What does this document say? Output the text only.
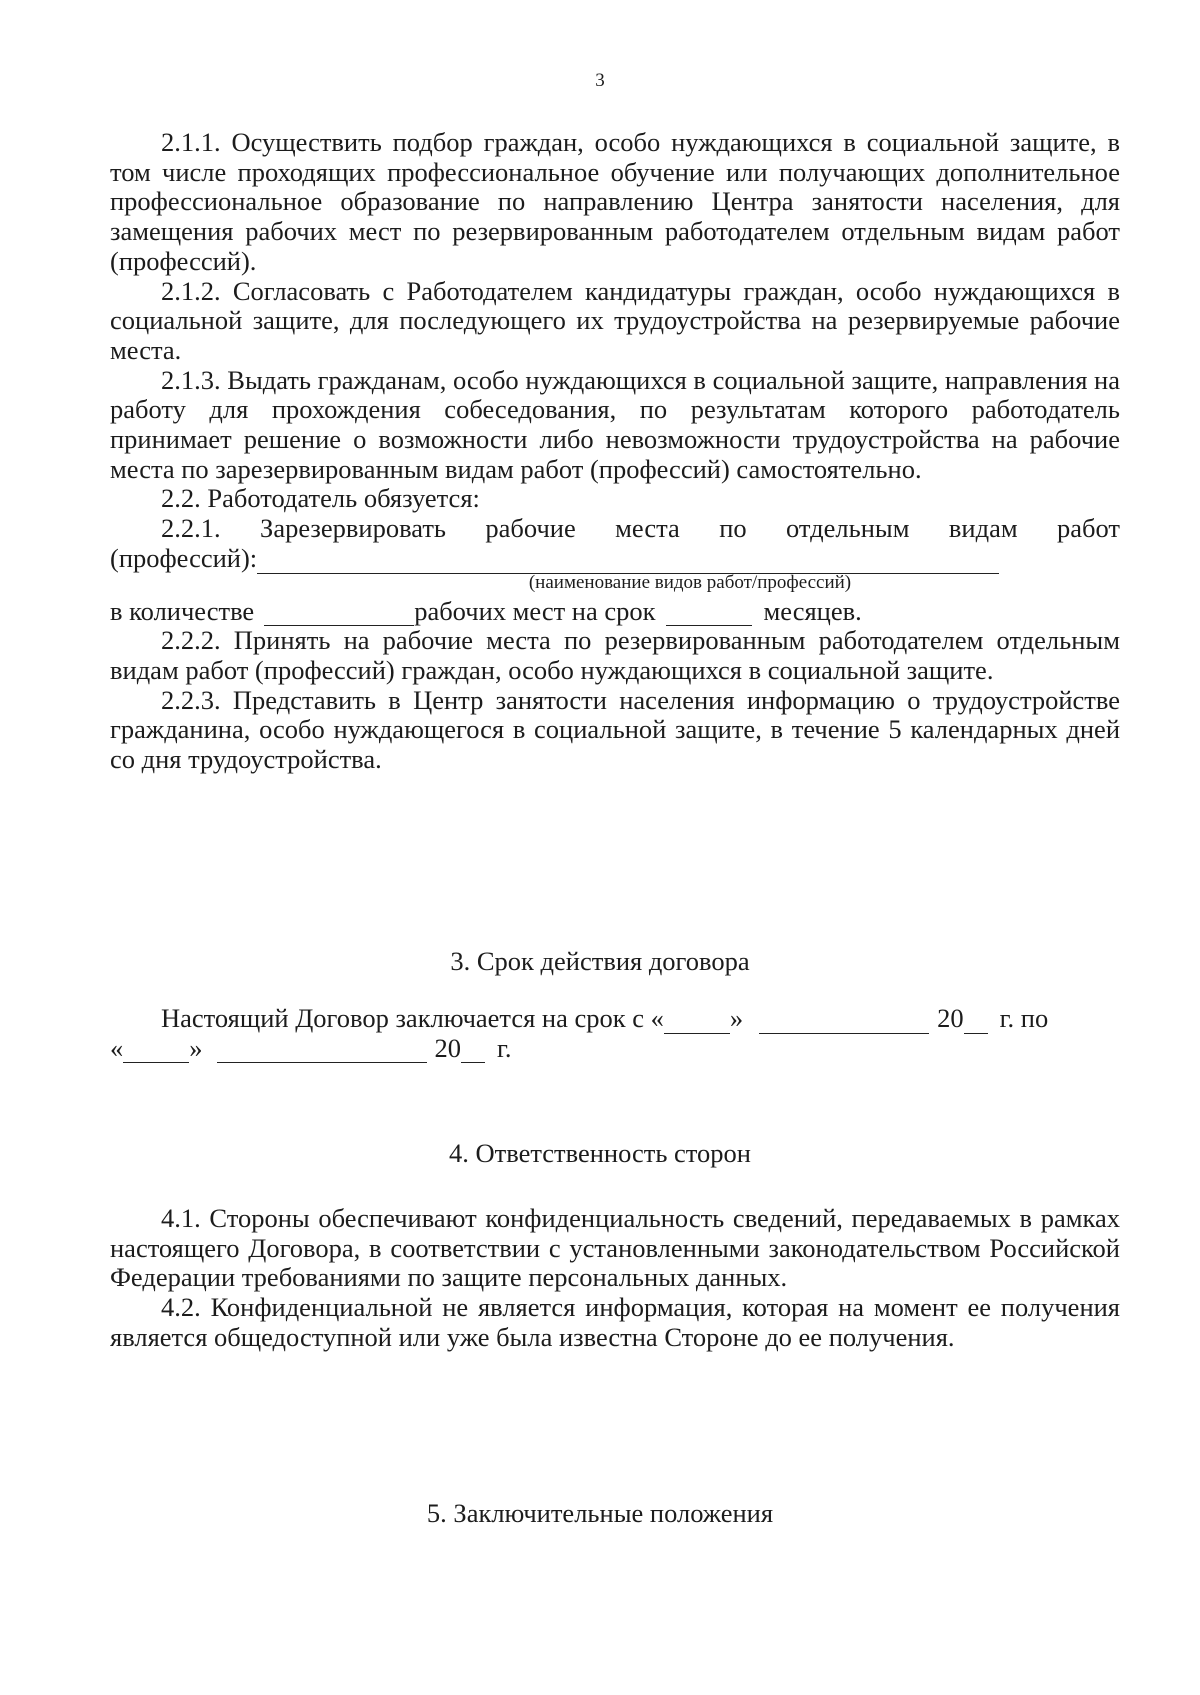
3

2.1.1. Осуществить подбор граждан, особо нуждающихся в социальной защите, в том числе проходящих профессиональное обучение или получающих дополнительное профессиональное образование по направлению Центра занятости населения, для замещения рабочих мест по резервированным работодателем отдельным видам работ (профессий).

2.1.2. Согласовать с Работодателем кандидатуры граждан, особо нуждающихся в социальной защите, для последующего их трудоустройства на резервируемые рабочие места.

2.1.3. Выдать гражданам, особо нуждающихся в социальной защите, направления на работу для прохождения собеседования, по результатам которого работодатель принимает решение о возможности либо невозможности трудоустройства на рабочие места по зарезервированным видам работ (профессий) самостоятельно.

2.2. Работодатель обязуется:

2.2.1. Зарезервировать рабочие места по отдельным видам работ

(профессий):
(наименование видов работ/профессий)
в количестве	рабочих мест на срок	месяцев.

2.2.2. Принять на рабочие места по резервированным работодателем отдельным видам работ (профессий) граждан, особо нуждающихся в социальной защите.

2.2.3. Представить в Центр занятости населения информацию о трудоустройстве гражданина, особо нуждающегося в социальной защите, в течение 5 календарных дней со дня трудоустройства.

3. Срок действия договора
Настоящий Договор заключается на срок с « »	20 г. по
« »	20 г.
4. Ответственность сторон

4.1. Стороны обеспечивают конфиденциальность сведений, передаваемых в рамках настоящего Договора, в соответствии с установленными законодательством Российской Федерации требованиями по защите персональных данных.

4.2. Конфиденциальной не является информация, которая на момент ее получения является общедоступной или уже была известна Стороне до ее получения.

5. Заключительные положения
